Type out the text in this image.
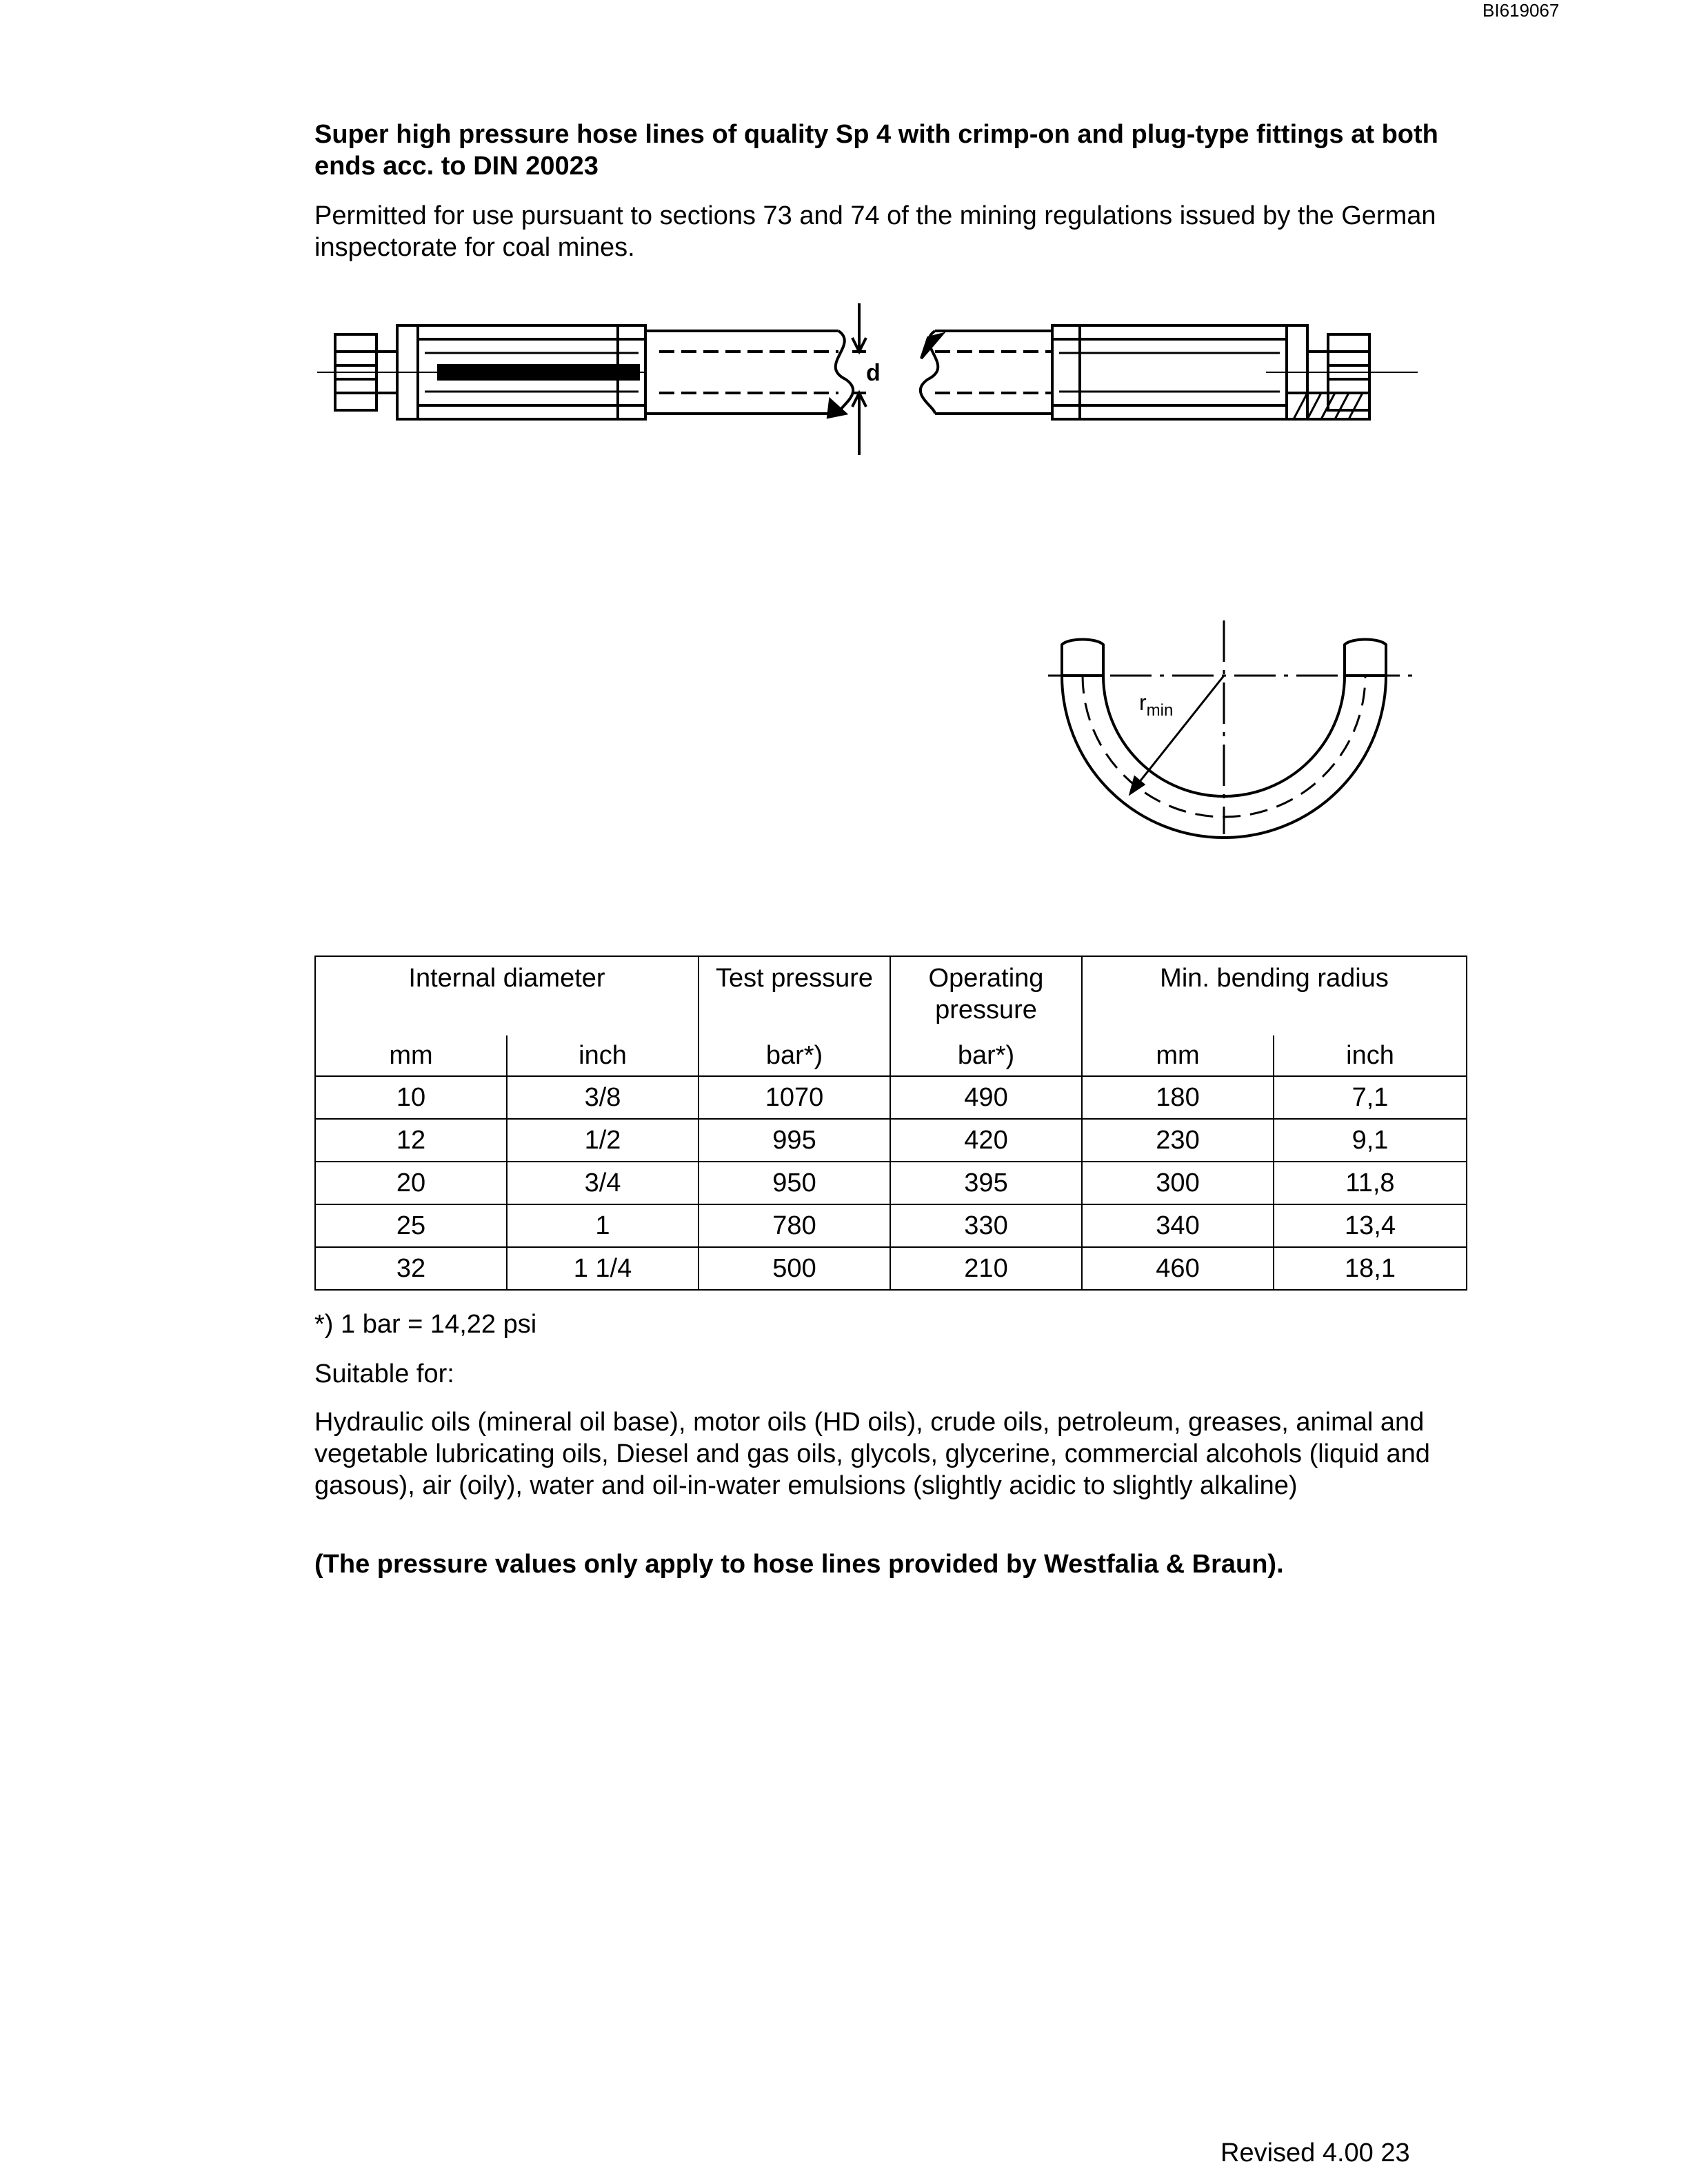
BI619067

Super high pressure hose lines of quality Sp 4 with crimp-on and plug-type fittings at both ends acc. to DIN 20023

Permitted for use pursuant to sections 73 and 74 of the mining regulations issued by the German inspectorate for coal mines.

d
$r_{min}$
Internal diameter		Test pressure	Operating pressure	Min. bending radius	
mm	inch	bar*)	bar*)	mm	inch
10	3/8	1070	490	180	7,1
12	1/2	995	420	230	9,1
20	3/4	950	395	300	11,8
25	1	780	330	340	13,4
32	1 1/4	500	210	460	18,1
*) 1 bar = 14,22 psi
Suitable for:

Hydraulic oils (mineral oil base), motor oils (HD oils), crude oils, petroleum, greases, animal and vegetable lubricating oils, Diesel and gas oils, glycols, glycerine, commercial alcohols (liquid and gasous), air (oily), water and oil-in-water emulsions (slightly acidic to slightly alkaline)

(The pressure values only apply to hose lines provided by Westfalia & Braun).

Revised 4.00 23
